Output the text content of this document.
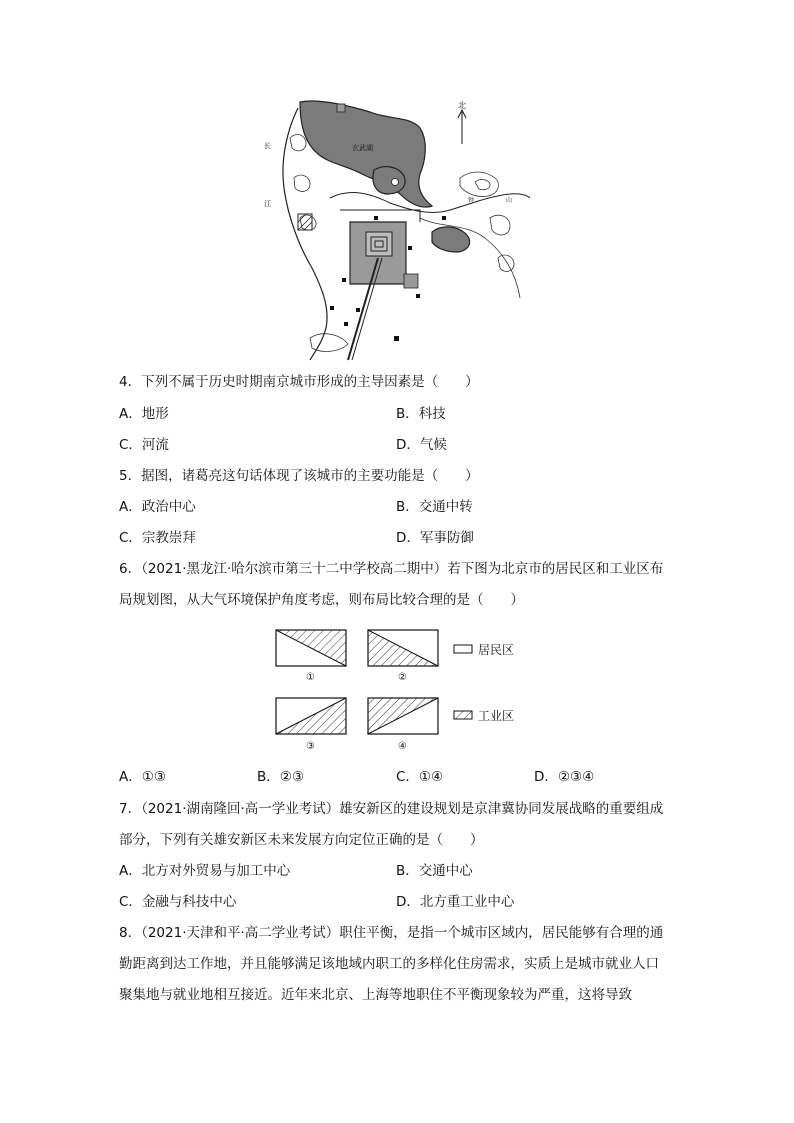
北
玄武湖
长
江	钟	山
4．下列不属于历史时期南京城市形成的主导因素是（　　）
A．地形	B．科技
C．河流	D．气候
5．据图，诸葛亮这句话体现了该城市的主要功能是（　　）
A．政治中心	B．交通中转
C．宗教崇拜	D．军事防御
6．（2021·黑龙江·哈尔滨市第三十二中学校高二期中）若下图为北京市的居民区和工业区布
局规划图，从大气环境保护角度考虑，则布局比较合理的是（　　）
①	②
③	④
居民区
工业区
A．①③	B．②③	C．①④	D．②③④
7．（2021·湖南隆回·高一学业考试）雄安新区的建设规划是京津冀协同发展战略的重要组成
部分，下列有关雄安新区未来发展方向定位正确的是（　　）
A．北方对外贸易与加工中心	B．交通中心
C．金融与科技中心	D．北方重工业中心
8．（2021·天津和平·高二学业考试）职住平衡，是指一个城市区域内，居民能够有合理的通
勤距离到达工作地，并且能够满足该地域内职工的多样化住房需求，实质上是城市就业人口
聚集地与就业地相互接近。近年来北京、上海等地职住不平衡现象较为严重，这将导致
